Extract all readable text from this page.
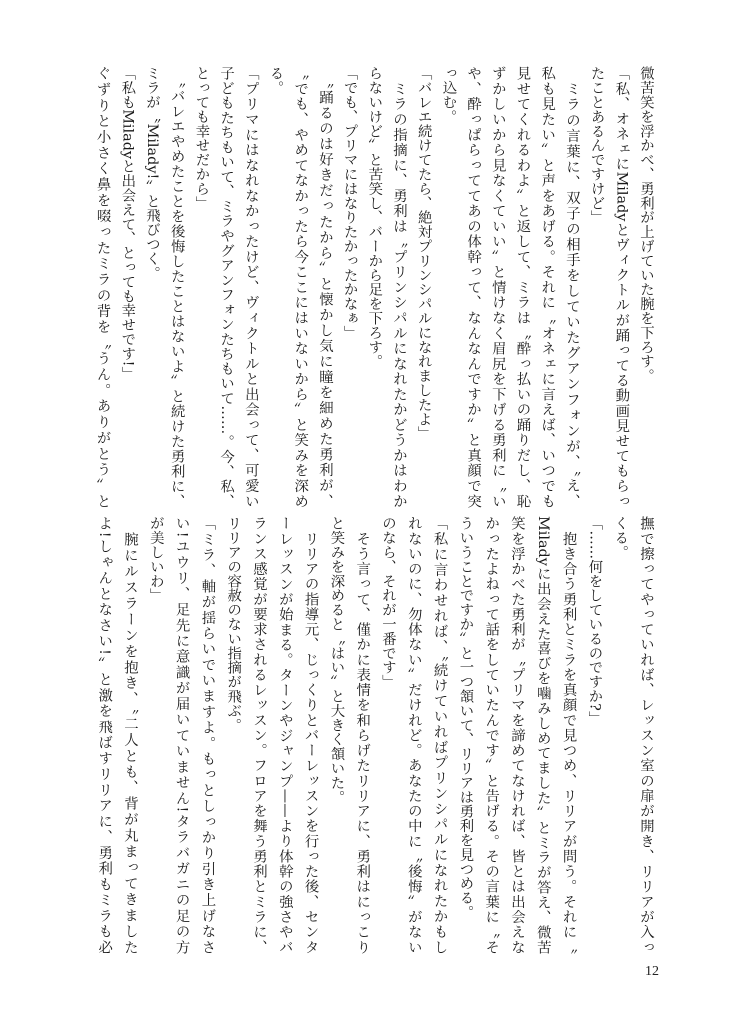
微苦笑を浮かべ、勇利が上げていた腕を下ろす。
「私、オネェにMiladyとヴィクトルが踊ってる動画見せてもらっ
たことあるんですけど」
　ミラの言葉に、双子の相手をしていたグアンフォンが、〝え、
私も見たい〟と声をあげる。それに〝オネェに言えば、いつでも
見せてくれるわよ〟と返して、ミラは〝酔っ払いの踊りだし、恥
ずかしいから見なくていい〟と情けなく眉尻を下げる勇利に〝い
や、酔っぱらっててあの体幹って、なんなんですか〟と真顔で突
っ込む。
「バレエ続けてたら、絶対プリンシパルになれましたよ」
　ミラの指摘に、勇利は〝プリンシパルになれたかどうかはわか
らないけど〟と苦笑し、バーから足を下ろす。
「でも、プリマにはなりたかったかなぁ」
　〝踊るのは好きだったから〟と懐かし気に瞳を細めた勇利が、
〝でも、やめてなかったら今ここにはいないから〟と笑みを深め
る。
「プリマにはなれなかったけど、ヴィクトルと出会って、可愛い
子どもたちもいて、ミラやグアンフォンたちもいて……。今、私、
とっても幸せだから」
　〝バレエやめたことを後悔したことはないよ〟と続けた勇利に、
ミラが〝Milady!〟と飛びつく。
「私もMiladyと出会えて、とっても幸せです!」
ぐずりと小さく鼻を啜ったミラの背を〝うん。ありがとう〟と
撫で擦ってやっていれば、レッスン室の扉が開き、リリアが入っ
くる。
「……何をしているのですか?」
　抱き合う勇利とミラを真顔で見つめ、リリアが問う。それに〝
Miladyに出会えた喜びを噛みしめてました〟とミラが答え、微苦
笑を浮かべた勇利が〝プリマを諦めてなければ、皆とは出会えな
かったよねって話をしていたんです〟と告げる。その言葉に〝そ
ういうことですか〟と一つ頷いて、リリアは勇利を見つめる。
「私に言わせれば、〝続けていればプリンシパルになれたかもし
れないのに、勿体ない〟だけれど。あなたの中に〝後悔〟がない
のなら、それが一番です」
　そう言って、僅かに表情を和らげたリリアに、勇利はにっこり
と笑みを深めると〝はい〟と大きく頷いた。
　リリアの指導元、じっくりとバーレッスンを行った後、センタ
ーレッスンが始まる。ターンやジャンプ——より体幹の強さやバ
ランス感覚が要求されるレッスン。フロアを舞う勇利とミラに、
リリアの容赦のない指摘が飛ぶ。
「ミラ、軸が揺らいでいますよ。もっとしっかり引き上げなさ
い!ユウリ、足先に意識が届いていません!タラバガニの足の方
が美しいわ」
　腕にルスラーンを抱き、〝二人とも、背が丸まってきました
よ!しゃんとなさい!〟と激を飛ばすリリアに、勇利もミラも必
12
